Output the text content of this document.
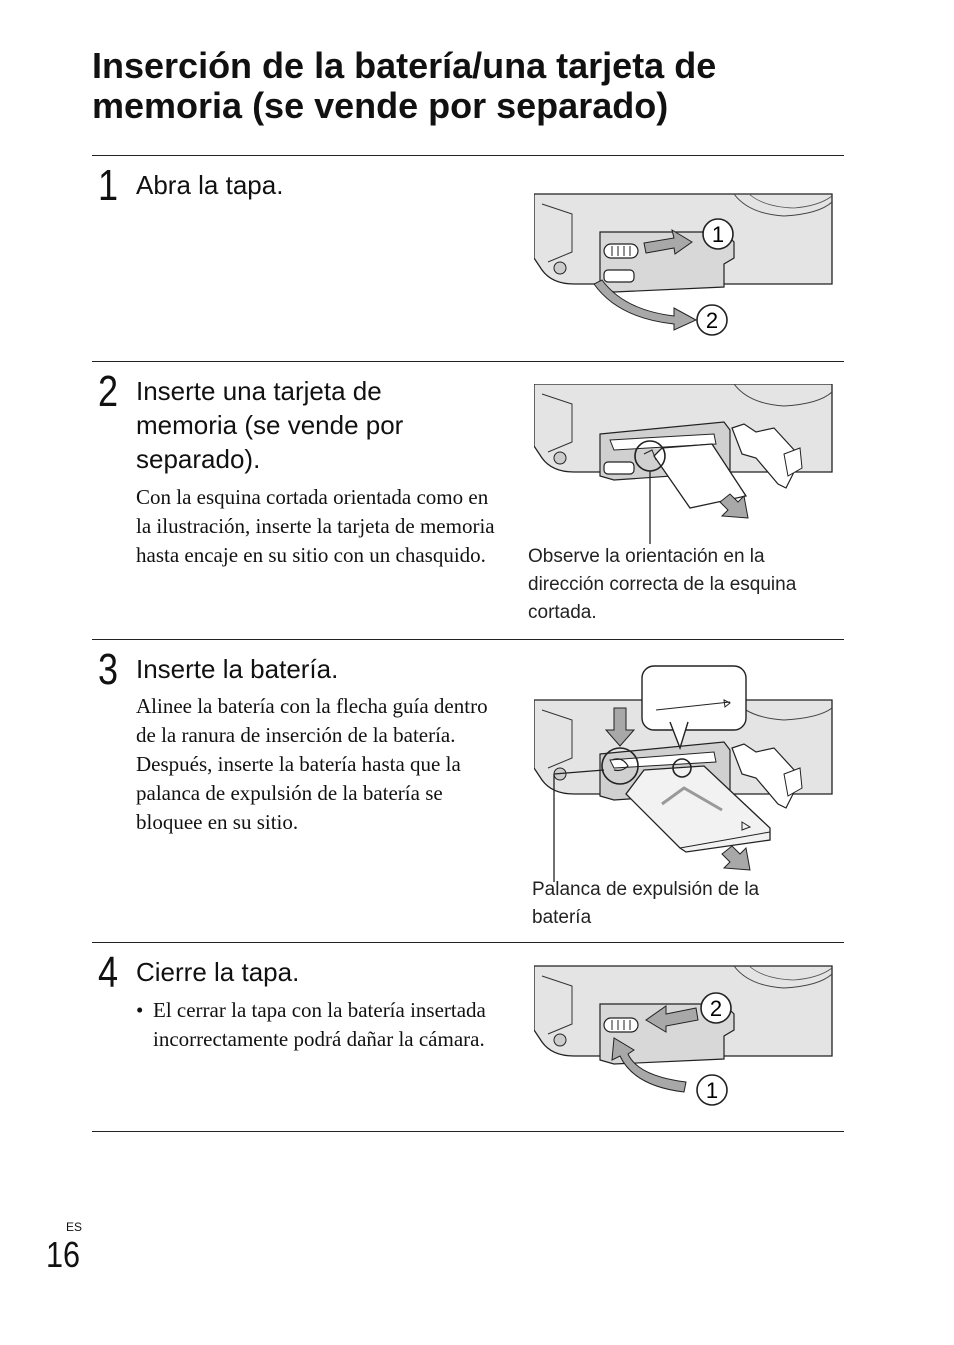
Inserción de la batería/una tarjeta de memoria (se vende por separado)
1 Abra la tapa.
1
2
2 Inserte una tarjeta de memoria (se vende por separado).
Con la esquina cortada orientada como en la ilustración, inserte la tarjeta de memoria hasta encaje en su sitio con un chasquido.	Observe la orientación en la dirección correcta de la esquina cortada.
3 Inserte la batería.
Alinee la batería con la flecha guía dentro de la ranura de inserción de la batería. Después, inserte la batería hasta que la palanca de expulsión de la batería se bloquee en su sitio.
Palanca de expulsión de la batería
4 Cierre la tapa.
• El cerrar la tapa con la batería insertada incorrectamente podrá dañar la cámara.
2
1
ES
16
